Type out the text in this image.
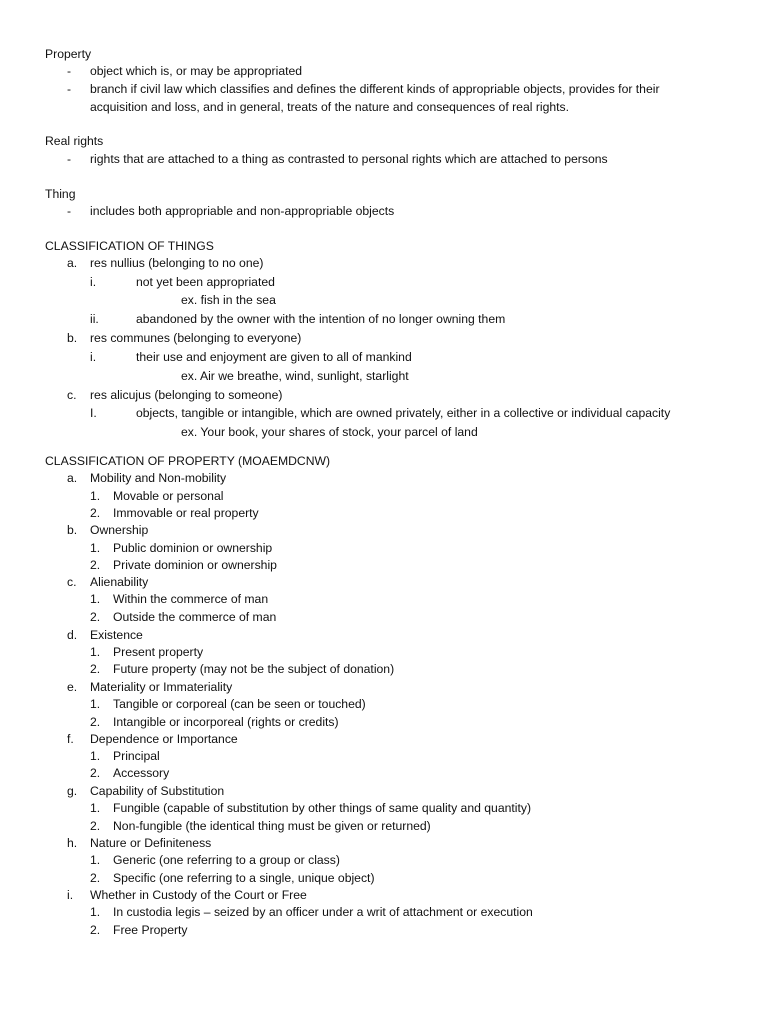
Property
- object which is, or may be appropriated
- branch if civil law which classifies and defines the different kinds of appropriable objects, provides for their
acquisition and loss, and in general, treats of the nature and consequences of real rights.
Real rights
- rights that are attached to a thing as contrasted to personal rights which are attached to persons
Thing
- includes both appropriable and non-appropriable objects
CLASSIFICATION OF THINGS
a. res nullius (belonging to no one)
i.	not yet been appropriated
ex. fish in the sea
ii.	abandoned by the owner with the intention of no longer owning them
b. res communes (belonging to everyone)
i.	their use and enjoyment are given to all of mankind
ex. Air we breathe, wind, sunlight, starlight
c. res alicujus (belonging to someone)
I.	objects, tangible or intangible, which are owned privately, either in a collective or individual capacity
ex. Your book, your shares of stock, your parcel of land
CLASSIFICATION OF PROPERTY (MOAEMDCNW)
a. Mobility and Non-mobility
1. Movable or personal
2. Immovable or real property
b. Ownership
1. Public dominion or ownership
2. Private dominion or ownership
c. Alienability
1. Within the commerce of man
2. Outside the commerce of man
d. Existence
1. Present property
2. Future property (may not be the subject of donation)
e. Materiality or Immateriality
1. Tangible or corporeal (can be seen or touched)
2. Intangible or incorporeal (rights or credits)
f. Dependence or Importance
1. Principal
2. Accessory
g. Capability of Substitution
1. Fungible (capable of substitution by other things of same quality and quantity)
2. Non-fungible (the identical thing must be given or returned)
h. Nature or Definiteness
1. Generic (one referring to a group or class)
2. Specific (one referring to a single, unique object)
i. Whether in Custody of the Court or Free
1. In custodia legis – seized by an officer under a writ of attachment or execution
2. Free Property
